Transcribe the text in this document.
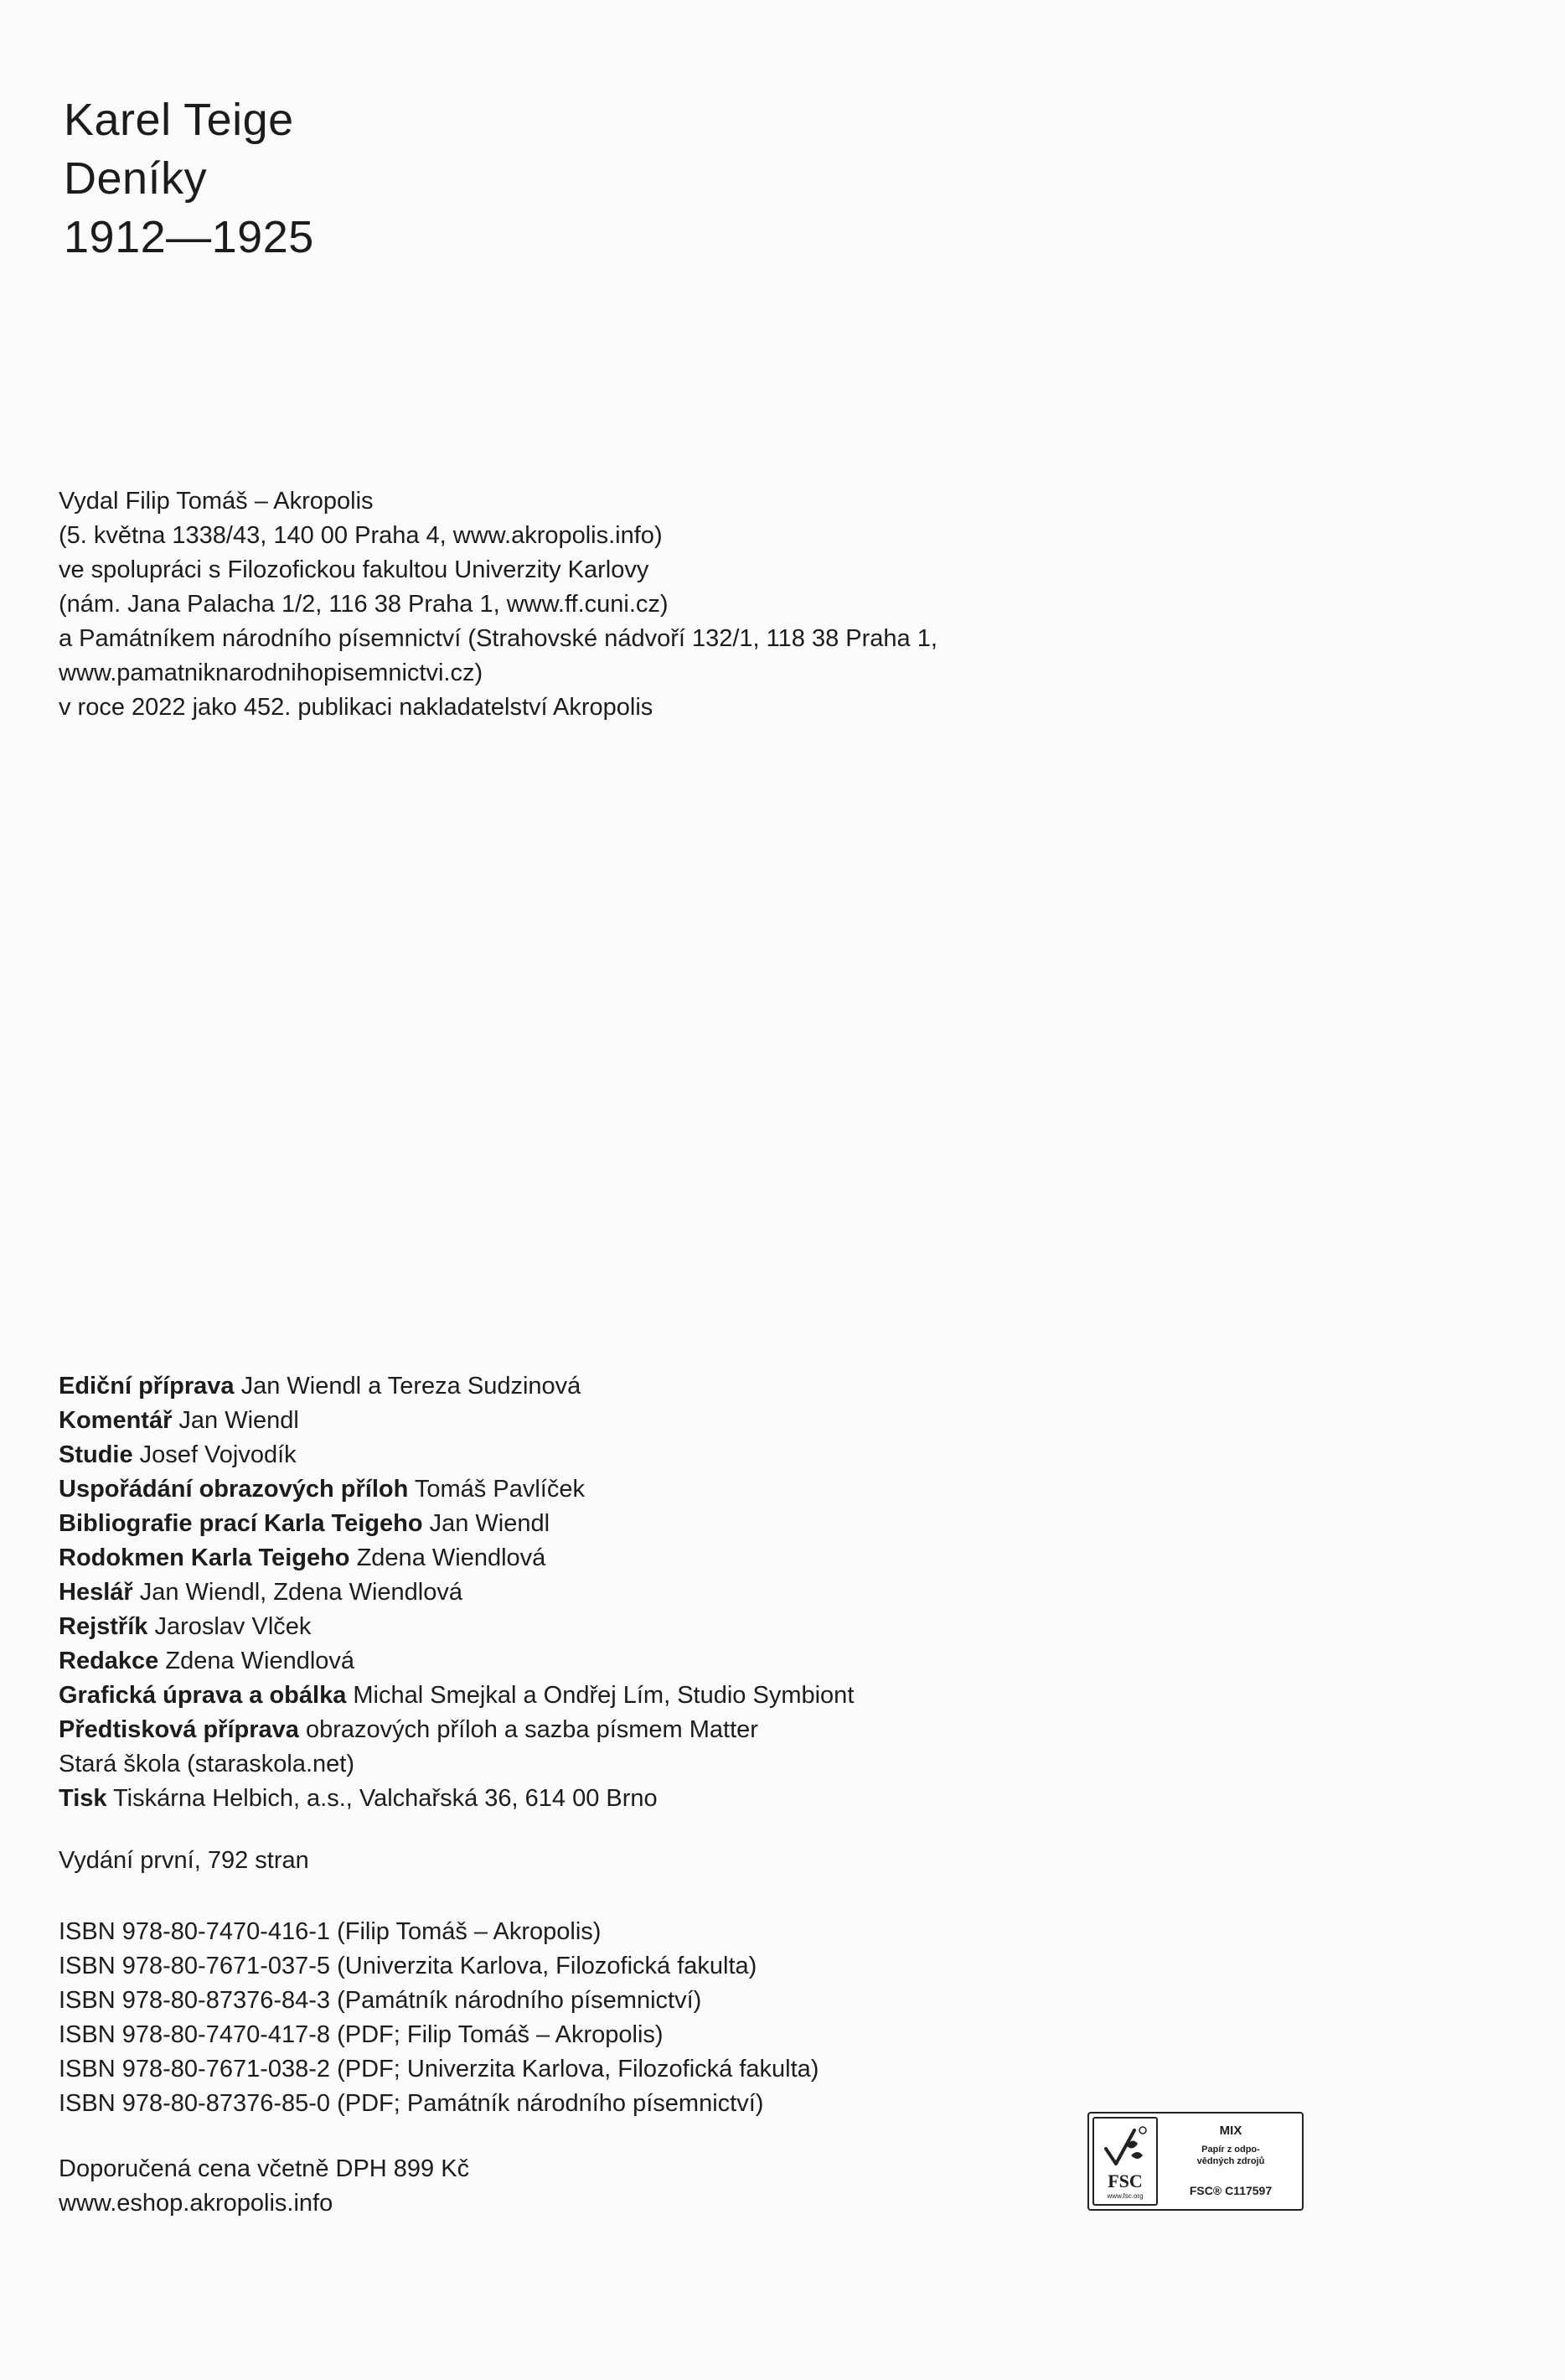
Karel Teige
Deníky
1912—1925
Vydal Filip Tomáš – Akropolis
(5. května 1338/43, 140 00 Praha 4, www.akropolis.info)
ve spolupráci s Filozofickou fakultou Univerzity Karlovy
(nám. Jana Palacha 1/2, 116 38 Praha 1, www.ff.cuni.cz)
a Památníkem národního písemnictví (Strahovské nádvoří 132/1, 118 38 Praha 1,
www.pamatniknarodnihopisemnictvi.cz)
v roce 2022 jako 452. publikaci nakladatelství Akropolis
Ediční příprava Jan Wiendl a Tereza Sudzinová
Komentář Jan Wiendl
Studie Josef Vojvodík
Uspořádání obrazových příloh Tomáš Pavlíček
Bibliografie prací Karla Teigeho Jan Wiendl
Rodokmen Karla Teigeho Zdena Wiendlová
Heslář Jan Wiendl, Zdena Wiendlová
Rejstřík Jaroslav Vlček
Redakce Zdena Wiendlová
Grafická úprava a obálka Michal Smejkal a Ondřej Lím, Studio Symbiont
Předtisková příprava obrazových příloh a sazba písmem Matter
Stará škola (staraskola.net)
Tisk Tiskárna Helbich, a.s., Valchařská 36, 614 00 Brno
Vydání první, 792 stran
ISBN 978-80-7470-416-1 (Filip Tomáš – Akropolis)
ISBN 978-80-7671-037-5 (Univerzita Karlova, Filozofická fakulta)
ISBN 978-80-87376-84-3 (Památník národního písemnictví)
ISBN 978-80-7470-417-8 (PDF; Filip Tomáš – Akropolis)
ISBN 978-80-7671-038-2 (PDF; Univerzita Karlova, Filozofická fakulta)
ISBN 978-80-87376-85-0 (PDF; Památník národního písemnictví)
Doporučená cena včetně DPH 899 Kč
www.eshop.akropolis.info
FSC
www.fsc.org
MIX
Papír z odpo-
vědných zdrojů
FSC® C117597
